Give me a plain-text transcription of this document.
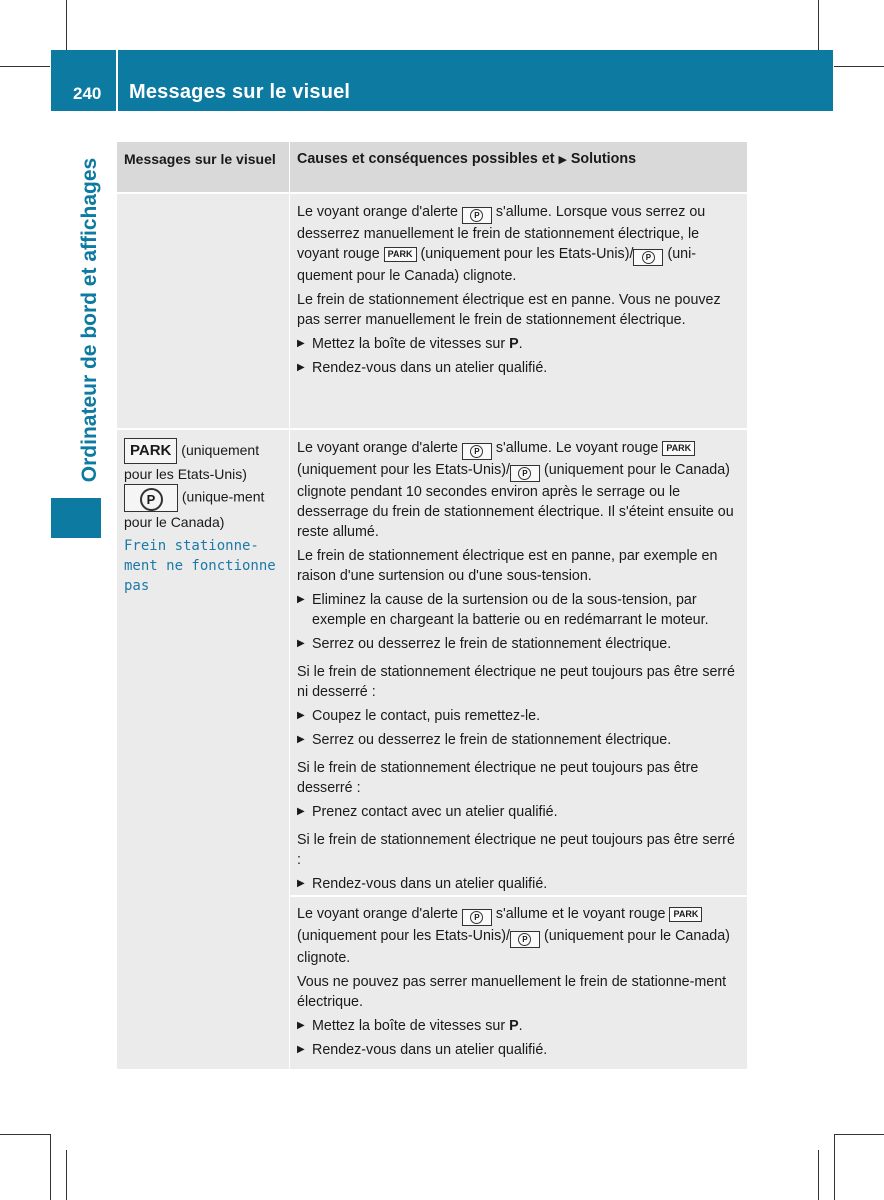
240 Messages sur le visuel
Ordinateur de bord et affichages	Messages sur le visuel	Causes et conséquences possibles et ▶ Solutions

Le voyant orange d'alerte P s'allume. Lorsque vous serrez ou desserrez manuellement le frein de stationnement électrique, le voyant rouge PARK (uniquement pour les Etats-Unis)/ P (uni-quement pour le Canada) clignote.

Le frein de stationnement électrique est en panne. Vous ne pouvez pas serrer manuellement le frein de stationnement électrique.

▶ Mettez la boîte de vitesses sur P.
▶ Rendez-vous dans un atelier qualifié.
PARK (uniquement pour les Etats-Unis) P (unique-ment pour le Canada)
Frein stationne-ment ne fonctionne pas

Le voyant orange d'alerte P s'allume. Le voyant rouge PARK (uniquement pour les Etats-Unis)/ P (uniquement pour le Canada) clignote pendant 10 secondes environ après le serrage ou le desserrage du frein de stationnement électrique. Il s'éteint ensuite ou reste allumé.

Le frein de stationnement électrique est en panne, par exemple en raison d'une surtension ou d'une sous-tension.

▶ Eliminez la cause de la surtension ou de la sous-tension, par exemple en chargeant la batterie ou en redémarrant le moteur.
▶ Serrez ou desserrez le frein de stationnement électrique.

Si le frein de stationnement électrique ne peut toujours pas être serré ni desserré :

▶ Coupez le contact, puis remettez-le.
▶ Serrez ou desserrez le frein de stationnement électrique.

Si le frein de stationnement électrique ne peut toujours pas être desserré :

▶ Prenez contact avec un atelier qualifié.

Si le frein de stationnement électrique ne peut toujours pas être serré :

▶ Rendez-vous dans un atelier qualifié.

Le voyant orange d'alerte P s'allume et le voyant rouge PARK (uniquement pour les Etats-Unis)/ P (uniquement pour le Canada) clignote.

Vous ne pouvez pas serrer manuellement le frein de stationne-ment électrique.

▶ Mettez la boîte de vitesses sur P.
▶ Rendez-vous dans un atelier qualifié.
